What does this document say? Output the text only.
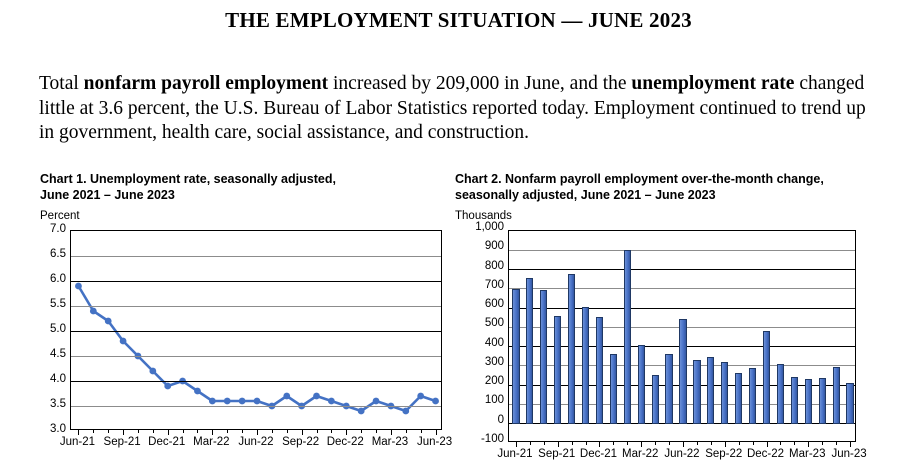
THE EMPLOYMENT SITUATION — JUNE 2023
Total nonfarm payroll employment increased by 209,000 in June, and the unemployment rate changed little at 3.6 percent, the U.S. Bureau of Labor Statistics reported today. Employment continued to trend up in government, health care, social assistance, and construction.
Chart 1. Unemployment rate, seasonally adjusted,
June 2021 – June 2023
Percent
7.0
6.5
6.0
5.5
5.0
4.5
4.0
3.5
3.0
Jun-21 Sep-21 Dec-21 Mar-22 Jun-22 Sep-22 Dec-22 Mar-23 Jun-23
Chart 2. Nonfarm payroll employment over-the-month change,
seasonally adjusted, June 2021 – June 2023
Thousands
1,000
900
800
700
600
500
400
300
200
100
0
-100
Jun-21 Sep-21 Dec-21 Mar-22 Jun-22 Sep-22 Dec-22 Mar-23 Jun-23
